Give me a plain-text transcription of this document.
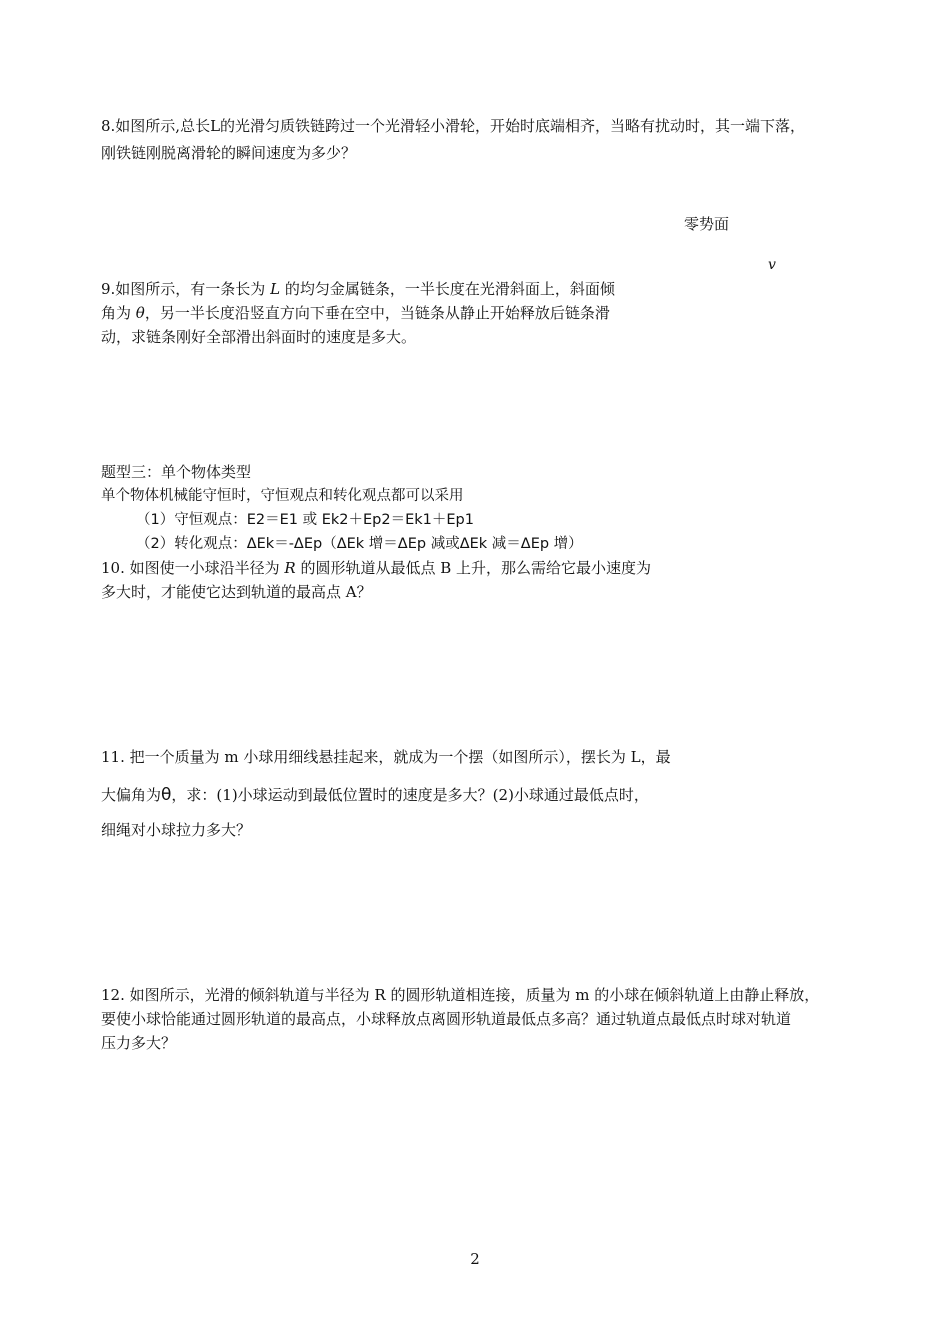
8.如图所示,总长L的光滑匀质铁链跨过一个光滑轻小滑轮，开始时底端相齐，当略有扰动时，其一端下落，
刚铁链刚脱离滑轮的瞬间速度为多少？
零势面
v
9.如图所示，有一条长为 L 的均匀金属链条，一半长度在光滑斜面上，斜面倾
角为 θ，另一半长度沿竖直方向下垂在空中，当链条从静止开始释放后链条滑
动，求链条刚好全部滑出斜面时的速度是多大。
题型三：单个物体类型
单个物体机械能守恒时，守恒观点和转化观点都可以采用
（1）守恒观点：E2＝E1 或 Ek2＋Ep2＝Ek1＋Ep1
（2）转化观点：ΔEk＝-ΔEp（ΔEk 增＝ΔEp 减或ΔEk 减＝ΔEp 增）
10. 如图使一小球沿半径为 R 的圆形轨道从最低点 B 上升，那么需给它最小速度为
多大时，才能使它达到轨道的最高点 A？
11. 把一个质量为 m 小球用细线悬挂起来，就成为一个摆（如图所示），摆长为 L，最
大偏角为θ，求：(1)小球运动到最低位置时的速度是多大？(2)小球通过最低点时，
细绳对小球拉力多大？
12. 如图所示，光滑的倾斜轨道与半径为 R 的圆形轨道相连接，质量为 m 的小球在倾斜轨道上由静止释放，
要使小球恰能通过圆形轨道的最高点，小球释放点离圆形轨道最低点多高？通过轨道点最低点时球对轨道
压力多大？
2
